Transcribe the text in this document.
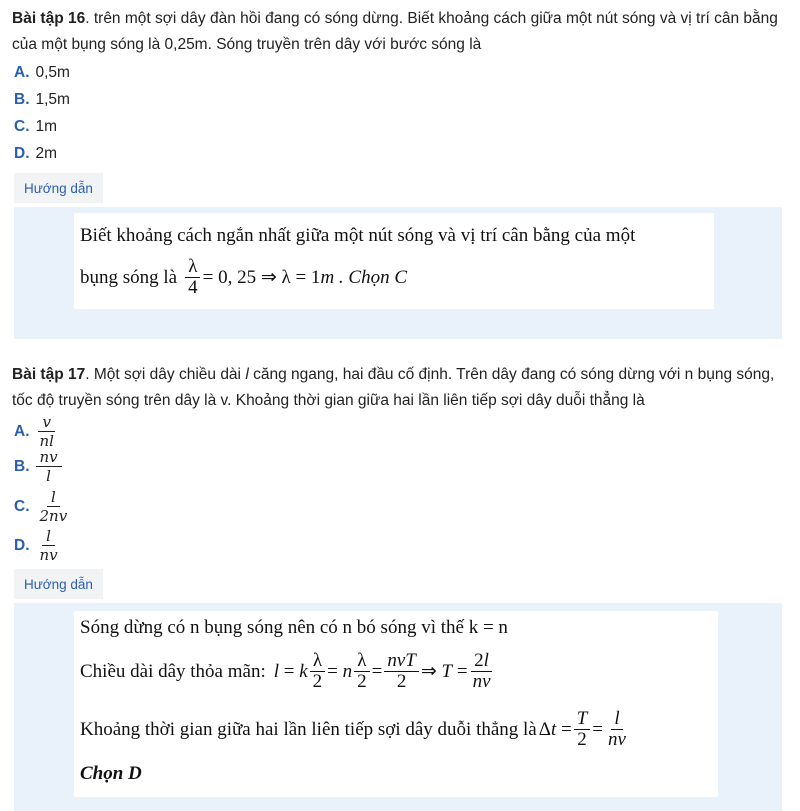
Bài tập 16. trên một sợi dây đàn hồi đang có sóng dừng. Biết khoảng cách giữa một nút sóng và vị trí cân bằng của một bụng sóng là 0,25m. Sóng truyền trên dây với bước sóng là
A. 0,5m
B. 1,5m
C. 1m
D. 2m
Hướng dẫn
Biết khoảng cách ngắn nhất giữa một nút sóng và vị trí cân bằng của một
bụng sóng là $\frac{\lambda}{4} = 0$, 25 ⇒ λ = 1 m
. Chọn C
Bài tập 17. Một sợi dây chiều dài l căng ngang, hai đầu cố định. Trên dây đang có sóng dừng với n bụng sóng, tốc độ truyền sóng trên dây là v. Khoảng thời gian giữa hai lần liên tiếp sợi dây duỗi thẳng là
A. $\frac{v}{nl}$
B. $\frac{nv}{l}$
C. $\frac{l}{2nv}$
D. $\frac{l}{nv}$
Hướng dẫn
Sóng dừng có n bụng sóng nên có n bó sóng vì thế k = n
Chiều dài dây thỏa mãn: l = k $\frac{\lambda}{2} = n \frac{\lambda}{2}$ = nvT
2 ⇒ $T = \frac{2l}{nv}$
Khoảng thời gian giữa hai lần liên tiếp sợi dây duỗi thẳng là $\Delta t = \frac{T}{2} = \frac{l}{nv}$
Chọn D
